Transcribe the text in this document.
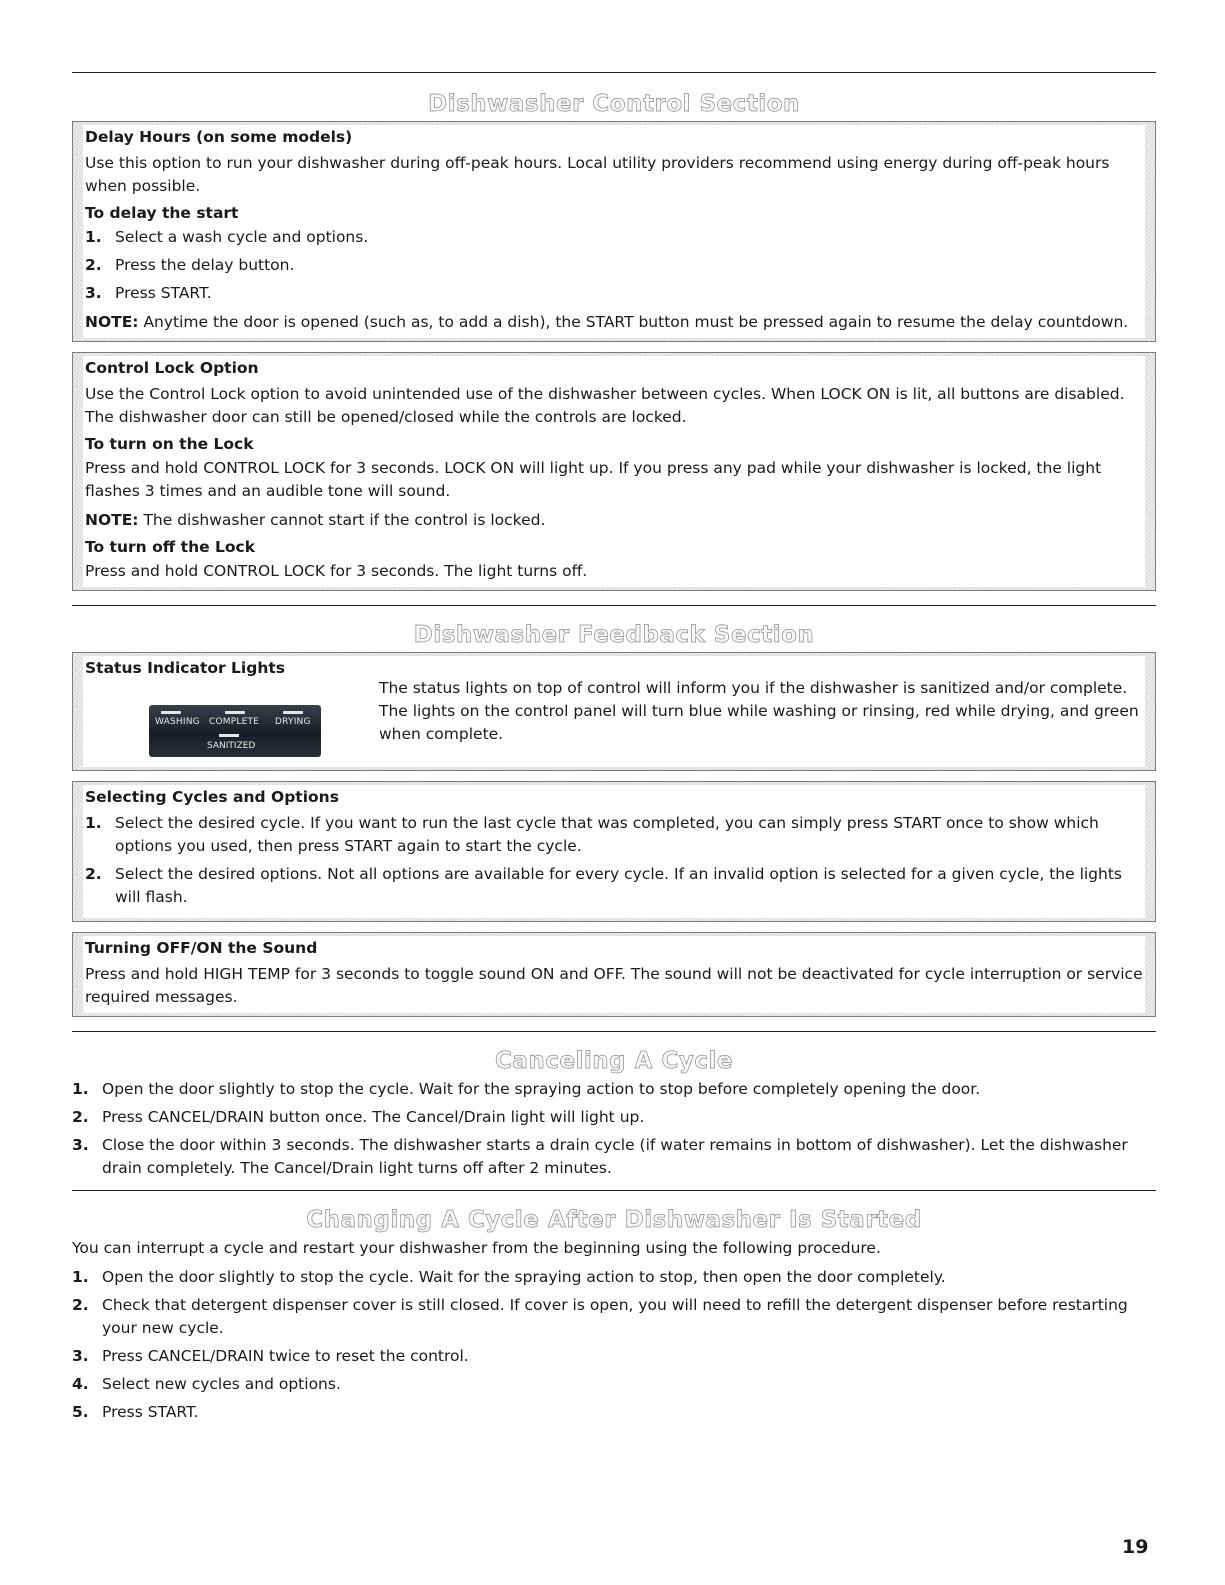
Dishwasher Control Section
Delay Hours (on some models)

Use this option to run your dishwasher during off-peak hours. Local utility providers recommend using energy during off-peak hours when possible.

To delay the start
1. Select a wash cycle and options.
2. Press the delay button.
3. Press START.

NOTE: Anytime the door is opened (such as, to add a dish), the START button must be pressed again to resume the delay countdown.

Control Lock Option

Use the Control Lock option to avoid unintended use of the dishwasher between cycles. When LOCK ON is lit, all buttons are disabled. The dishwasher door can still be opened/closed while the controls are locked.

To turn on the Lock

Press and hold CONTROL LOCK for 3 seconds. LOCK ON will light up. If you press any pad while your dishwasher is locked, the light flashes 3 times and an audible tone will sound.

NOTE: The dishwasher cannot start if the control is locked.

To turn off the Lock

Press and hold CONTROL LOCK for 3 seconds. The light turns off.

Dishwasher Feedback Section
Status Indicator Lights
WASHING COMPLETE DRYING
SANITIZED

The status lights on top of control will inform you if the dishwasher is sanitized and/or complete. The lights on the control panel will turn blue while washing or rinsing, red while drying, and green when complete.

Selecting Cycles and Options
1. Select the desired cycle. If you want to run the last cycle that was completed, you can simply press START once to show which options you used, then press START again to start the cycle.
2. Select the desired options. Not all options are available for every cycle. If an invalid option is selected for a given cycle, the lights will flash.
Turning OFF/ON the Sound

Press and hold HIGH TEMP for 3 seconds to toggle sound ON and OFF. The sound will not be deactivated for cycle interruption or service required messages.

Canceling A Cycle
1. Open the door slightly to stop the cycle. Wait for the spraying action to stop before completely opening the door.
2. Press CANCEL/DRAIN button once. The Cancel/Drain light will light up.
3. Close the door within 3 seconds. The dishwasher starts a drain cycle (if water remains in bottom of dishwasher). Let the dishwasher drain completely. The Cancel/Drain light turns off after 2 minutes.
Changing A Cycle After Dishwasher Is Started

You can interrupt a cycle and restart your dishwasher from the beginning using the following procedure.

1. Open the door slightly to stop the cycle. Wait for the spraying action to stop, then open the door completely.
2. Check that detergent dispenser cover is still closed. If cover is open, you will need to refill the detergent dispenser before restarting your new cycle.
3. Press CANCEL/DRAIN twice to reset the control.
4. Select new cycles and options.
5. Press START.
19
